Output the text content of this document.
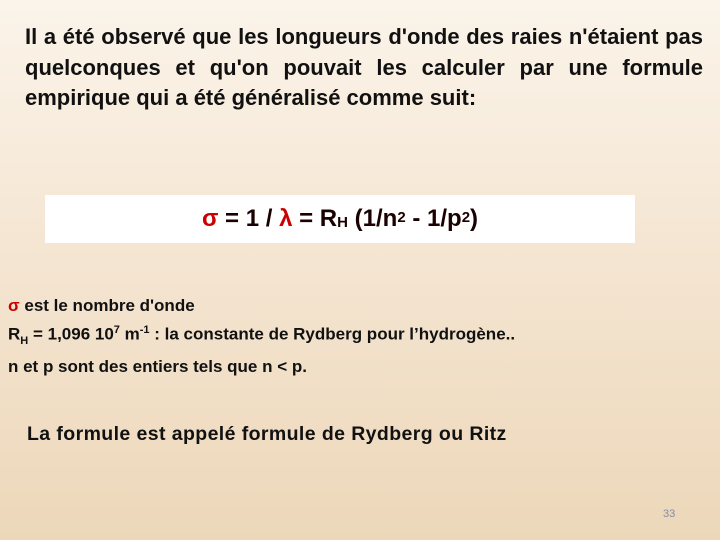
Il a été observé que les longueurs d'onde des raies n'étaient pas quelconques et qu'on pouvait les calculer par une formule empirique qui a été généralisé comme suit:

$\sigma = 1 / \lambda = R_H$ ($1/n^2 - 1/p^2$ )
σ est le nombre d'onde
$R_H = 1,096$ $10^7$ $m^{-1}$ : la constante de Rydberg pour l’hydrogène..
n et p sont des entiers tels que n < p.
La formule est appelé formule de Rydberg ou Ritz
33
